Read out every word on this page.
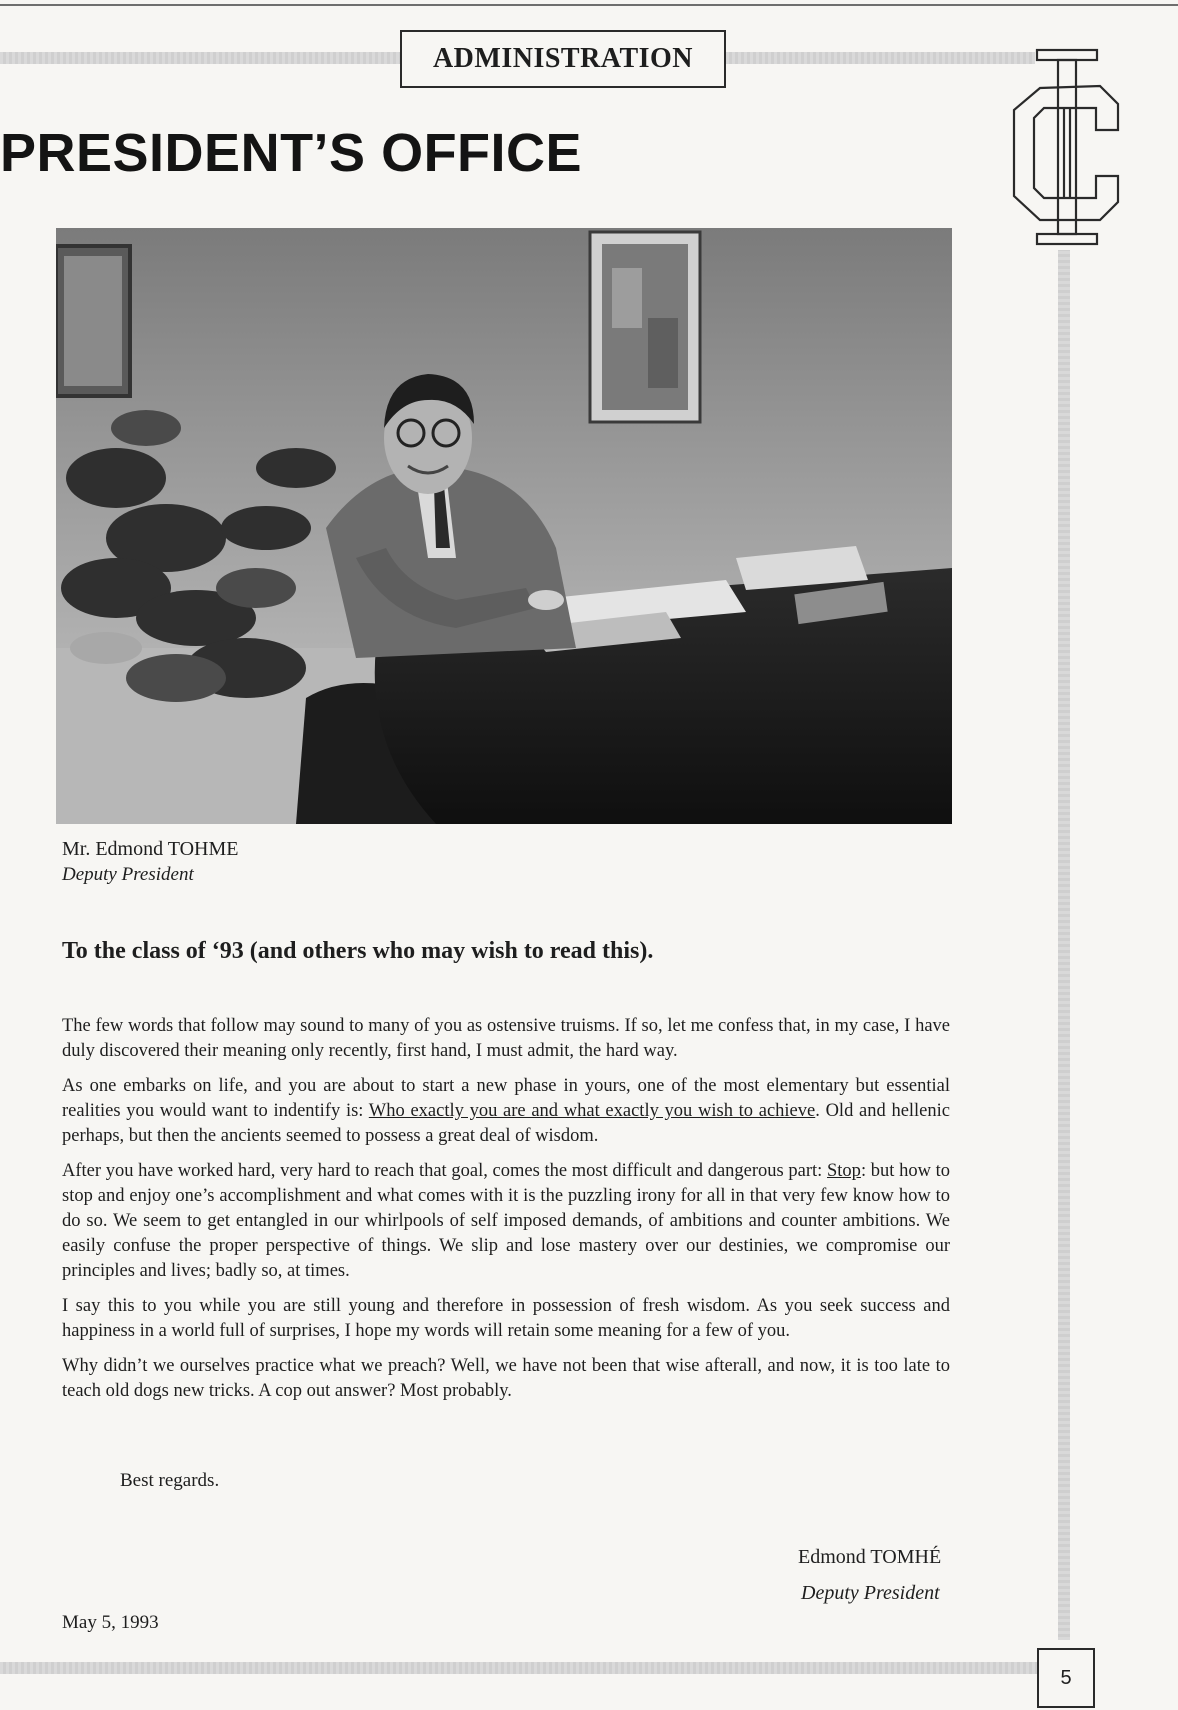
ADMINISTRATION
PRESIDENT’S OFFICE
Mr. Edmond TOHME
Deputy President
To the class of ‘93 (and others who may wish to read this).

The few words that follow may sound to many of you as ostensive truisms. If so, let me confess that, in my case, I have duly discovered their meaning only recently, first hand, I must admit, the hard way.

As one embarks on life, and you are about to start a new phase in yours, one of the most elementary but essential realities you would want to indentify is: Who exactly you are and what exactly you wish to achieve. Old and hellenic perhaps, but then the ancients seemed to possess a great deal of wisdom.

After you have worked hard, very hard to reach that goal, comes the most difficult and dangerous part: Stop: but how to stop and enjoy one’s accomplishment and what comes with it is the puzzling irony for all in that very few know how to do so. We seem to get entangled in our whirlpools of self imposed demands, of ambitions and counter ambitions. We easily confuse the proper perspective of things. We slip and lose mastery over our destinies, we compromise our principles and lives; badly so, at times.

I say this to you while you are still young and therefore in possession of fresh wisdom. As you seek success and happiness in a world full of surprises, I hope my words will retain some meaning for a few of you.

Why didn’t we ourselves practice what we preach? Well, we have not been that wise afterall, and now, it is too late to teach old dogs new tricks. A cop out answer? Most probably.

Best regards.
Edmond TOMHÉ
Deputy President
May 5, 1993
5
